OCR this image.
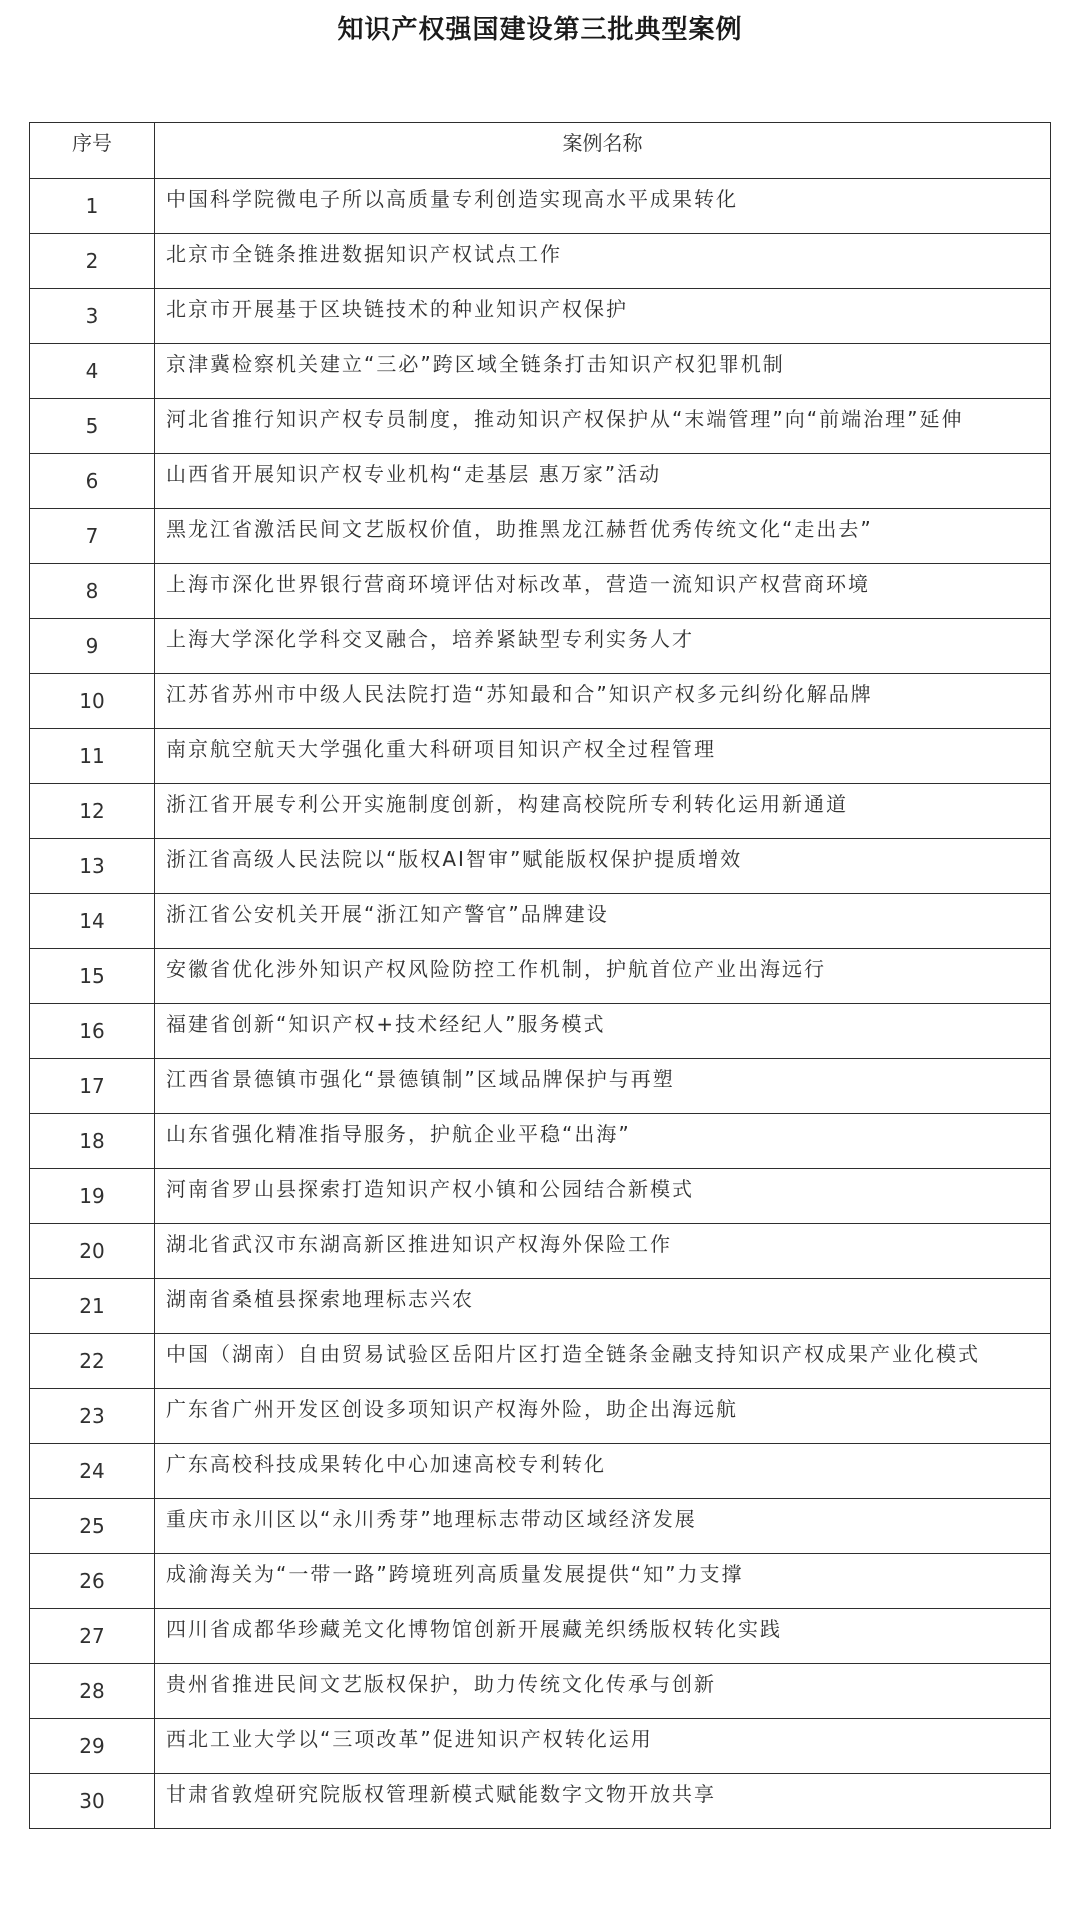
知识产权强国建设第三批典型案例
序号	案例名称
1	中国科学院微电子所以高质量专利创造实现高水平成果转化
2	北京市全链条推进数据知识产权试点工作
3	北京市开展基于区块链技术的种业知识产权保护
4	京津冀检察机关建立“三必”跨区域全链条打击知识产权犯罪机制
5	河北省推行知识产权专员制度，推动知识产权保护从“末端管理”向“前端治理”延伸
6	山西省开展知识产权专业机构“走基层 惠万家”活动
7	黑龙江省激活民间文艺版权价值，助推黑龙江赫哲优秀传统文化“走出去”
8	上海市深化世界银行营商环境评估对标改革，营造一流知识产权营商环境
9	上海大学深化学科交叉融合，培养紧缺型专利实务人才
10	江苏省苏州市中级人民法院打造“苏知最和合”知识产权多元纠纷化解品牌
11	南京航空航天大学强化重大科研项目知识产权全过程管理
12	浙江省开展专利公开实施制度创新，构建高校院所专利转化运用新通道
13	浙江省高级人民法院以“版权AI智审”赋能版权保护提质增效
14	浙江省公安机关开展“浙江知产警官”品牌建设
15	安徽省优化涉外知识产权风险防控工作机制，护航首位产业出海远行
16	福建省创新“知识产权+技术经纪人”服务模式
17	江西省景德镇市强化“景德镇制”区域品牌保护与再塑
18	山东省强化精准指导服务，护航企业平稳“出海”
19	河南省罗山县探索打造知识产权小镇和公园结合新模式
20	湖北省武汉市东湖高新区推进知识产权海外保险工作
21	湖南省桑植县探索地理标志兴农
22	中国（湖南）自由贸易试验区岳阳片区打造全链条金融支持知识产权成果产业化模式
23	广东省广州开发区创设多项知识产权海外险，助企出海远航
24	广东高校科技成果转化中心加速高校专利转化
25	重庆市永川区以“永川秀芽”地理标志带动区域经济发展
26	成渝海关为“一带一路”跨境班列高质量发展提供“知”力支撑
27	四川省成都华珍藏羌文化博物馆创新开展藏羌织绣版权转化实践
28	贵州省推进民间文艺版权保护，助力传统文化传承与创新
29	西北工业大学以“三项改革”促进知识产权转化运用
30	甘肃省敦煌研究院版权管理新模式赋能数字文物开放共享
